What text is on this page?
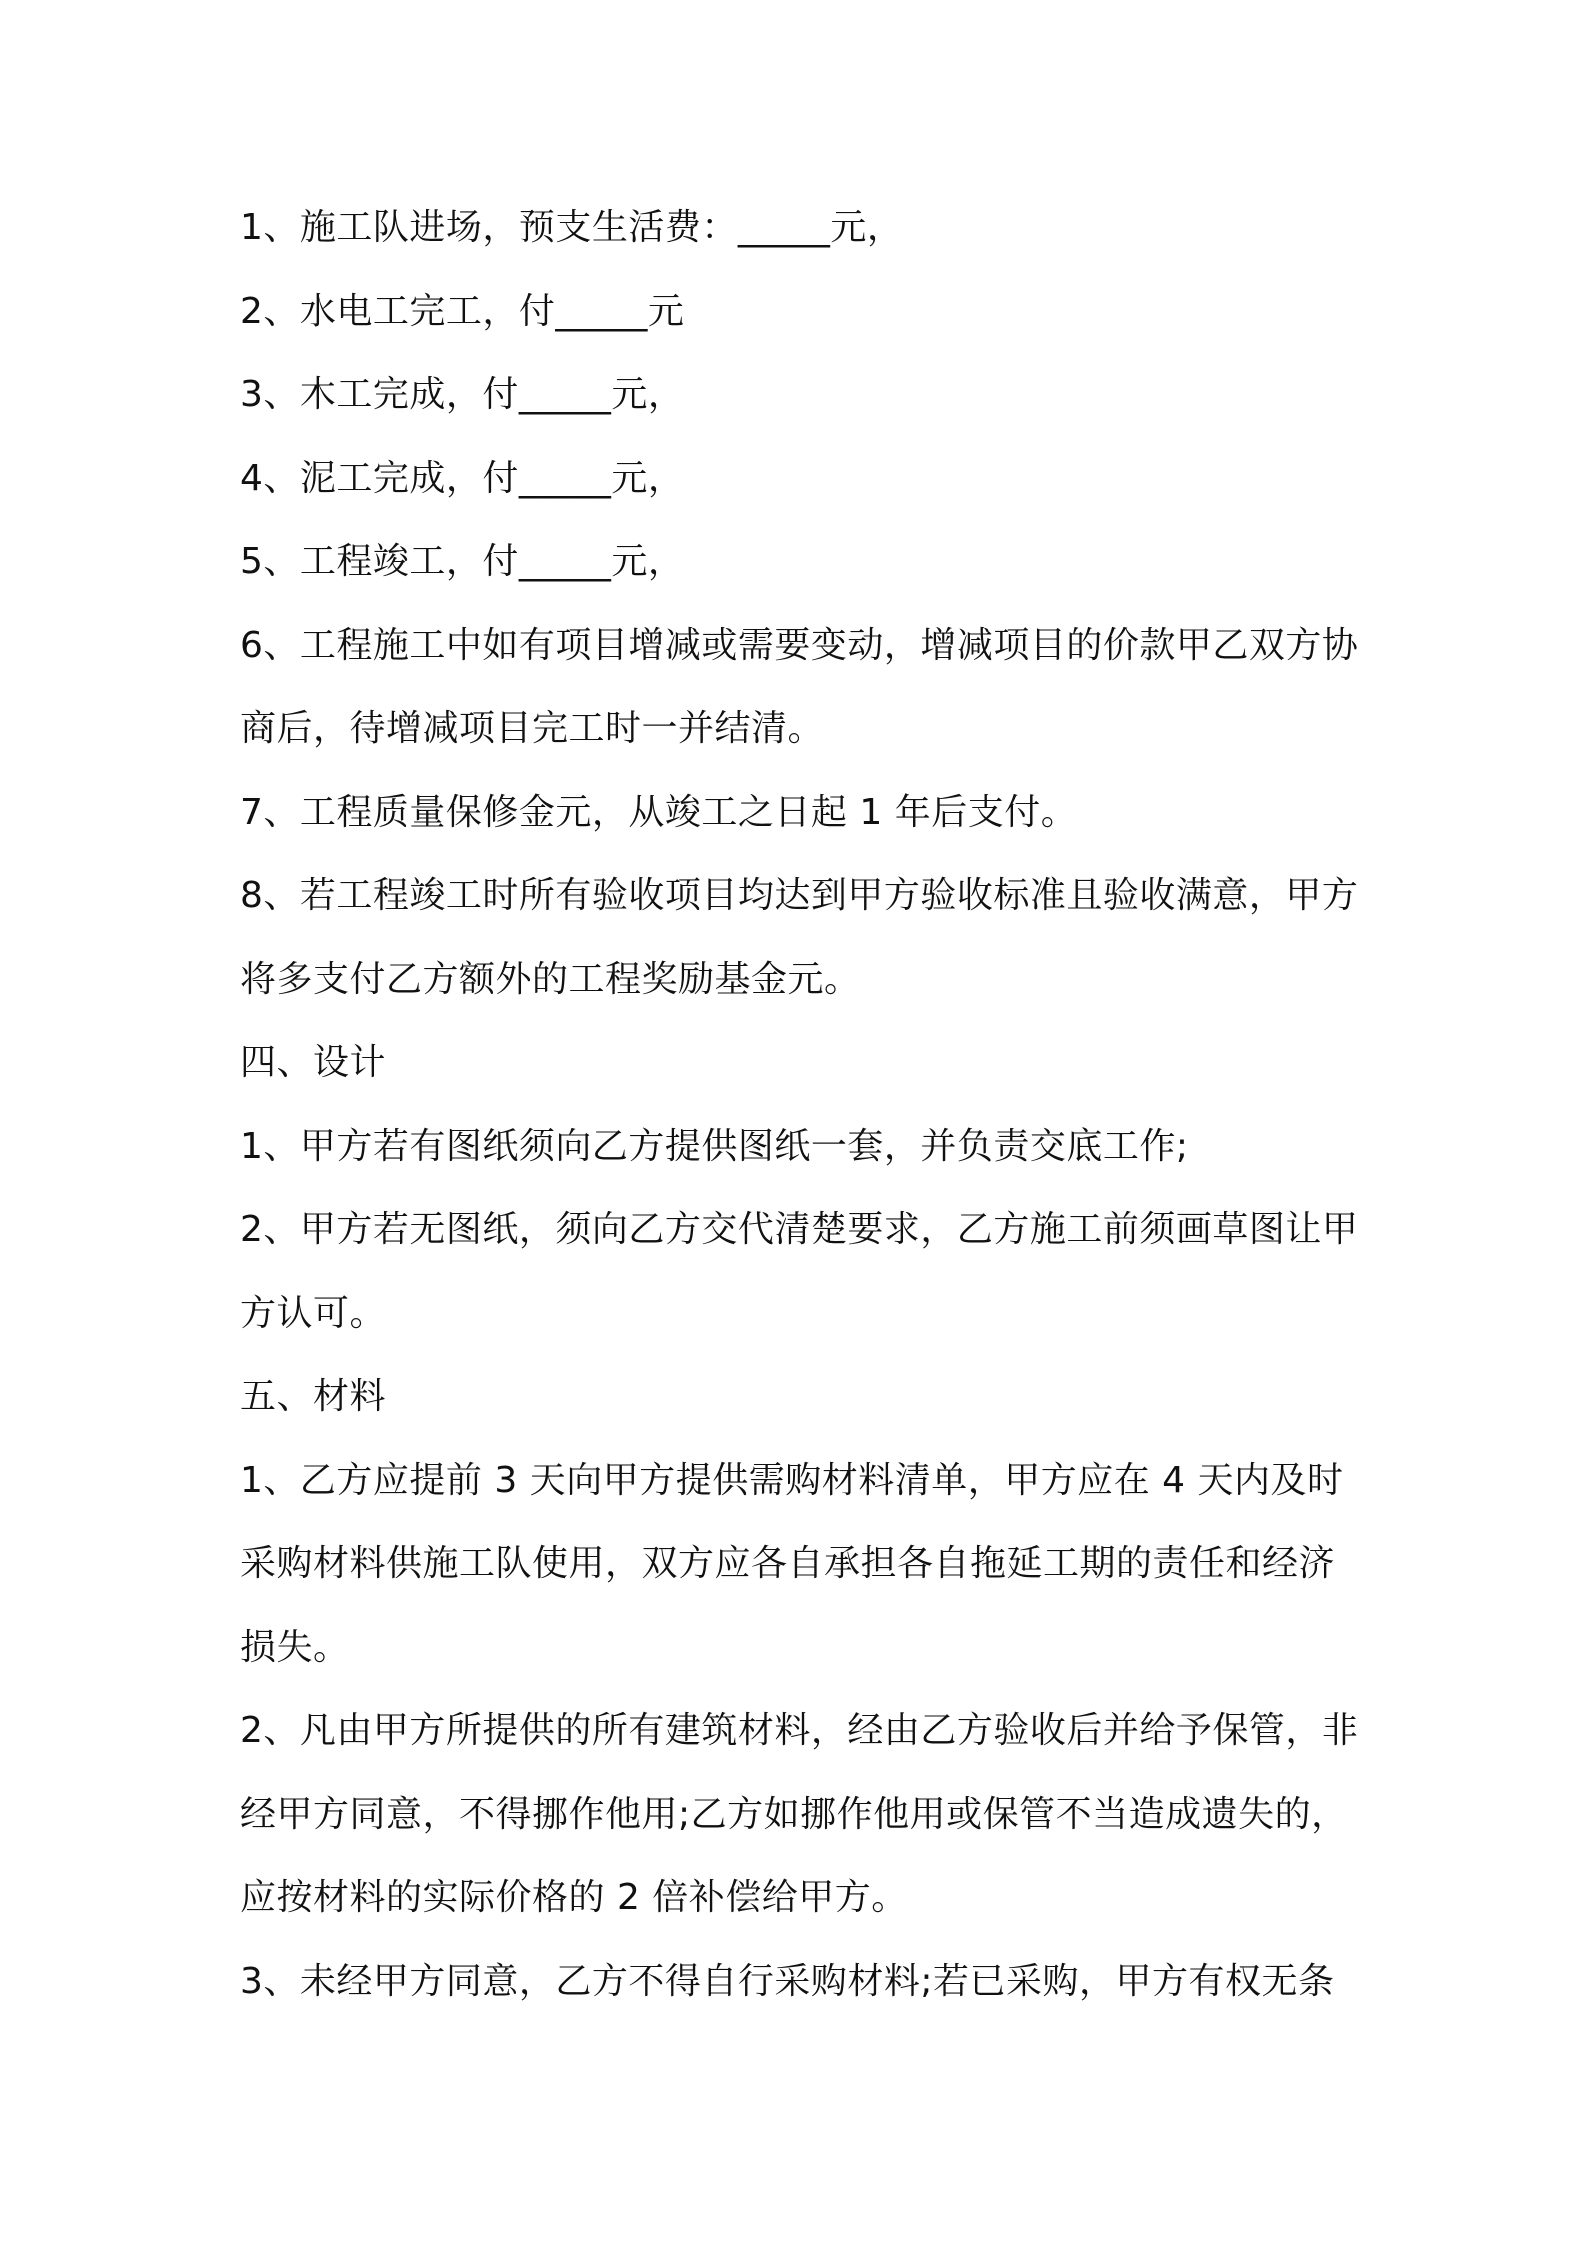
1、施工队进场，预支生活费：_____元，

2、水电工完工，付_____元

3、木工完成，付_____元，

4、泥工完成，付_____元，

5、工程竣工，付_____元，

6、工程施工中如有项目增减或需要变动，增减项目的价款甲乙双方协商后，待增减项目完工时一并结清。

7、工程质量保修金元，从竣工之日起 1 年后支付。

8、若工程竣工时所有验收项目均达到甲方验收标准且验收满意，甲方将多支付乙方额外的工程奖励基金元。

四、设计

1、甲方若有图纸须向乙方提供图纸一套，并负责交底工作;

2、甲方若无图纸，须向乙方交代清楚要求，乙方施工前须画草图让甲方认可。

五、材料

1、乙方应提前 3 天向甲方提供需购材料清单，甲方应在 4 天内及时采购材料供施工队使用，双方应各自承担各自拖延工期的责任和经济损失。

2、凡由甲方所提供的所有建筑材料，经由乙方验收后并给予保管，非经甲方同意，不得挪作他用;乙方如挪作他用或保管不当造成遗失的，应按材料的实际价格的 2 倍补偿给甲方。

3、未经甲方同意，乙方不得自行采购材料;若已采购，甲方有权无条
